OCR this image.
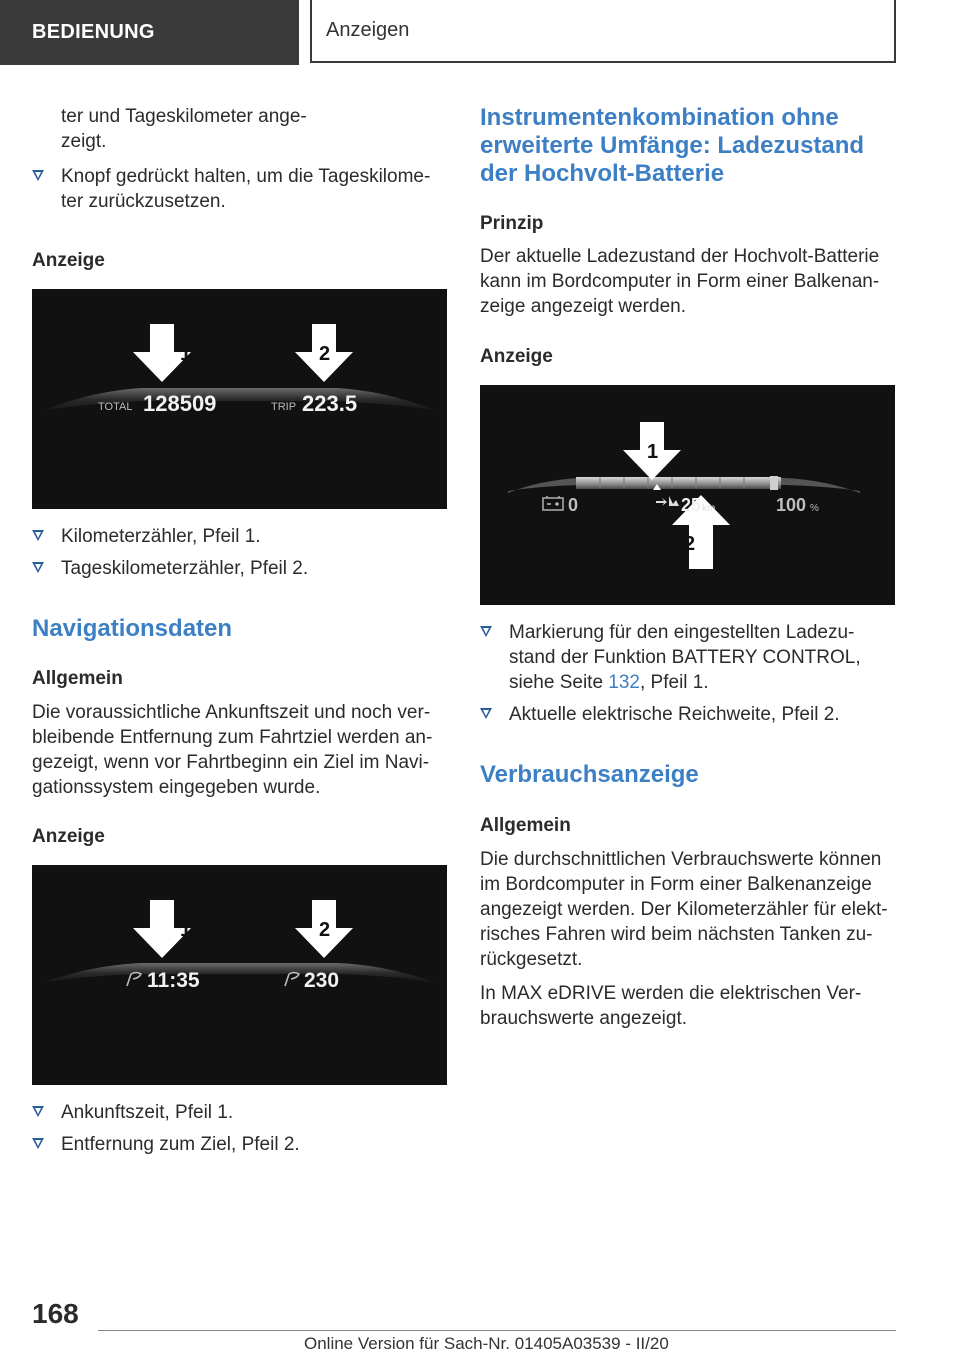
BEDIENUNG	Anzeigen
ter und Tageskilometer ange-
zeigt.
Knopf gedrückt halten, um die Tageskilome-
ter zurückzusetzen.
Anzeige
1	2
TOTAL 128509	TRIP 223.5
Kilometerzähler, Pfeil 1.
Tageskilometerzähler, Pfeil 2.
Navigationsdaten
Allgemein
Die voraussichtliche Ankunftszeit und noch ver-
bleibende Entfernung zum Fahrtziel werden an-
gezeigt, wenn vor Fahrtbeginn ein Ziel im Navi-
gationssystem eingegeben wurde.
Anzeige
1	2
11:35	230
Ankunftszeit, Pfeil 1.
Entfernung zum Ziel, Pfeil 2.
Instrumentenkombination ohne
erweiterte Umfänge: Ladezustand
der Hochvolt-Batterie
Prinzip
Der aktuelle Ladezustand der Hochvolt-Batterie
kann im Bordcomputer in Form einer Balkenan-
zeige angezeigt werden.
Anzeige
1
2
0	25 km	100 %
Markierung für den eingestellten Ladezu-
stand der Funktion BATTERY CONTROL,
siehe Seite 132, Pfeil 1.
Aktuelle elektrische Reichweite, Pfeil 2.
Verbrauchsanzeige
Allgemein
Die durchschnittlichen Verbrauchswerte können
im Bordcomputer in Form einer Balkenanzeige
angezeigt werden. Der Kilometerzähler für elekt-
risches Fahren wird beim nächsten Tanken zu-
rückgesetzt.
In MAX eDRIVE werden die elektrischen Ver-
brauchswerte angezeigt.
168
Online Version für Sach-Nr. 01405A03539 - II/20
